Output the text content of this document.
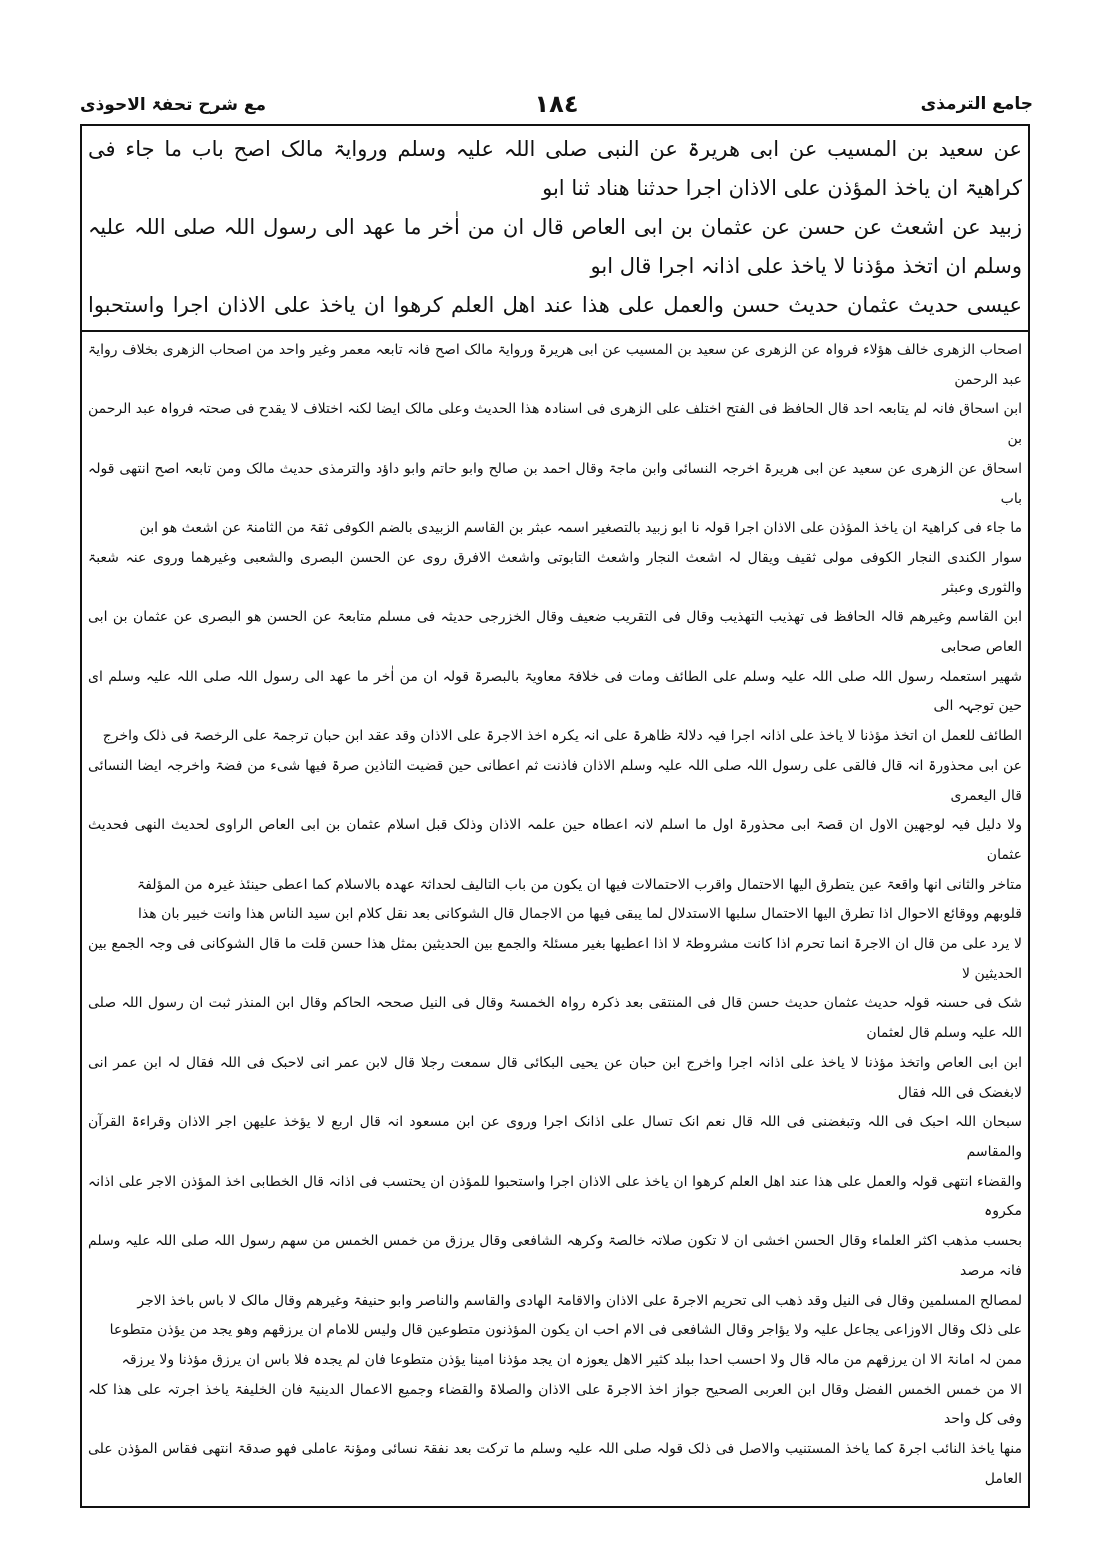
جامع الترمذی
١٨٤
مع شرح تحفۃ الاحوذی

عن سعید بن المسیب عن ابی ھریرۃ عن النبی صلی اللہ علیہ وسلم وروایۃ مالک اصح باب ما جاء فی کراھیۃ ان یاخذ المؤذن علی الاذان اجرا حدثنا ھناد ثنا ابو

زبید عن اشعث عن حسن عن عثمان بن ابی العاص قال ان من اٰخر ما عھد الی رسول اللہ صلی اللہ علیہ وسلم ان اتخذ مؤذنا لا یاخذ علی اذانہ اجرا قال ابو

عیسی حدیث عثمان حدیث حسن والعمل علی ھذا عند اھل العلم کرھوا ان یاخذ علی الاذان اجرا واستحبوا

اصحاب الزھری خالف ھؤلاء فرواہ عن الزھری عن سعید بن المسیب عن ابی ھریرۃ وروایۃ مالک اصح فانہ تابعہ معمر وغیر واحد من اصحاب الزھری بخلاف روایۃ عبد الرحمن

ابن اسحاق فانہ لم یتابعہ احد قال الحافظ فی الفتح اختلف علی الزھری فی اسنادہ ھذا الحدیث وعلی مالک ایضا لکنہ اختلاف لا یقدح فی صحتہ فرواہ عبد الرحمن بن

اسحاق عن الزھری عن سعید عن ابی ھریرۃ اخرجہ النسائی وابن ماجۃ وقال احمد بن صالح وابو حاتم وابو داؤد والترمذی حدیث مالک ومن تابعہ اصح انتھی قولہ باب

ما جاء فی کراھیۃ ان یاخذ المؤذن علی الاذان اجرا قولہ نا ابو زبید بالتصغیر اسمہ عبثر بن القاسم الزبیدی بالضم الکوفی ثقۃ من الثامنۃ عن اشعث ھو ابن

سوار الکندی النجار الکوفی مولی ثقیف ویقال لہ اشعث النجار واشعث التابوتی واشعث الافرق روی عن الحسن البصری والشعبی وغیرھما وروی عنہ شعبۃ والثوری وعبثر

ابن القاسم وغیرھم قالہ الحافظ فی تھذیب التھذیب وقال فی التقریب ضعیف وقال الخزرجی حدیثہ فی مسلم متابعۃ عن الحسن ھو البصری عن عثمان بن ابی العاص صحابی

شھیر استعملہ رسول اللہ صلی اللہ علیہ وسلم علی الطائف ومات فی خلافۃ معاویۃ بالبصرۃ قولہ ان من اٰخر ما عھد الی رسول اللہ صلی اللہ علیہ وسلم ای حین توجہہ الی

الطائف للعمل ان اتخذ مؤذنا لا یاخذ علی اذانہ اجرا فیہ دلالۃ ظاھرۃ علی انہ یکرہ اخذ الاجرۃ علی الاذان وقد عقد ابن حبان ترجمۃ علی الرخصۃ فی ذلک واخرج

عن ابی محذورۃ انہ قال فالقی علی رسول اللہ صلی اللہ علیہ وسلم الاذان فاذنت ثم اعطانی حین قضیت التاذین صرۃ فیھا شیء من فضۃ واخرجہ ایضا النسائی قال الیعمری

ولا دلیل فیہ لوجھین الاول ان قصۃ ابی محذورۃ اول ما اسلم لانہ اعطاہ حین علمہ الاذان وذلک قبل اسلام عثمان بن ابی العاص الراوی لحدیث النھی فحدیث عثمان

متاخر والثانی انھا واقعۃ عین یتطرق الیھا الاحتمال واقرب الاحتمالات فیھا ان یکون من باب التالیف لحداثۃ عھدہ بالاسلام کما اعطی حینئذ غیرہ من المؤلفۃ

قلوبھم ووقائع الاحوال اذا تطرق الیھا الاحتمال سلبھا الاستدلال لما یبقی فیھا من الاجمال قال الشوکانی بعد نقل کلام ابن سید الناس ھذا وانت خبیر بان ھذا

لا یرد علی من قال ان الاجرۃ انما تحرم اذا کانت مشروطۃ لا اذا اعطیھا بغیر مسئلۃ والجمع بین الحدیثین بمثل ھذا حسن قلت ما قال الشوکانی فی وجہ الجمع بین الحدیثین لا

شک فی حسنہ قولہ حدیث عثمان حدیث حسن قال فی المنتقی بعد ذکرہ رواہ الخمسۃ وقال فی النیل صححہ الحاکم وقال ابن المنذر ثبت ان رسول اللہ صلی اللہ علیہ وسلم قال لعثمان

ابن ابی العاص واتخذ مؤذنا لا یاخذ علی اذانہ اجرا واخرج ابن حبان عن یحیی البکائی قال سمعت رجلا قال لابن عمر انی لاحبک فی اللہ فقال لہ ابن عمر انی لابغضک فی اللہ فقال

سبحان اللہ احبک فی اللہ وتبغضنی فی اللہ قال نعم انک تسال علی اذانک اجرا وروی عن ابن مسعود انہ قال اربع لا یؤخذ علیھن اجر الاذان وقراءۃ القرآن والمقاسم

والقضاء انتھی قولہ والعمل علی ھذا عند اھل العلم کرھوا ان یاخذ علی الاذان اجرا واستحبوا للمؤذن ان یحتسب فی اذانہ قال الخطابی اخذ المؤذن الاجر علی اذانہ مکروہ

بحسب مذھب اکثر العلماء وقال الحسن اخشی ان لا تکون صلاتہ خالصۃ وکرھہ الشافعی وقال یرزق من خمس الخمس من سھم رسول اللہ صلی اللہ علیہ وسلم فانہ مرصد

لمصالح المسلمین وقال فی النیل وقد ذھب الی تحریم الاجرۃ علی الاذان والاقامۃ الھادی والقاسم والناصر وابو حنیفۃ وغیرھم وقال مالک لا باس باخذ الاجر

علی ذلک وقال الاوزاعی یجاعل علیہ ولا یؤاجر وقال الشافعی فی الام احب ان یکون المؤذنون متطوعین قال ولیس للامام ان یرزقھم وھو یجد من یؤذن متطوعا

ممن لہ امانۃ الا ان یرزقھم من مالہ قال ولا احسب احدا ببلد کثیر الاھل یعوزہ ان یجد مؤذنا امینا یؤذن متطوعا فان لم یجدہ فلا باس ان یرزق مؤذنا ولا یرزقہ

الا من خمس الخمس الفضل وقال ابن العربی الصحیح جواز اخذ الاجرۃ علی الاذان والصلاۃ والقضاء وجمیع الاعمال الدینیۃ فان الخلیفۃ یاخذ اجرتہ علی ھذا کلہ وفی کل واحد

منھا یاخذ النائب اجرۃ کما یاخذ المستنیب والاصل فی ذلک قولہ صلی اللہ علیہ وسلم ما ترکت بعد نفقۃ نسائی ومؤنۃ عاملی فھو صدقۃ انتھی فقاس المؤذن علی العامل
